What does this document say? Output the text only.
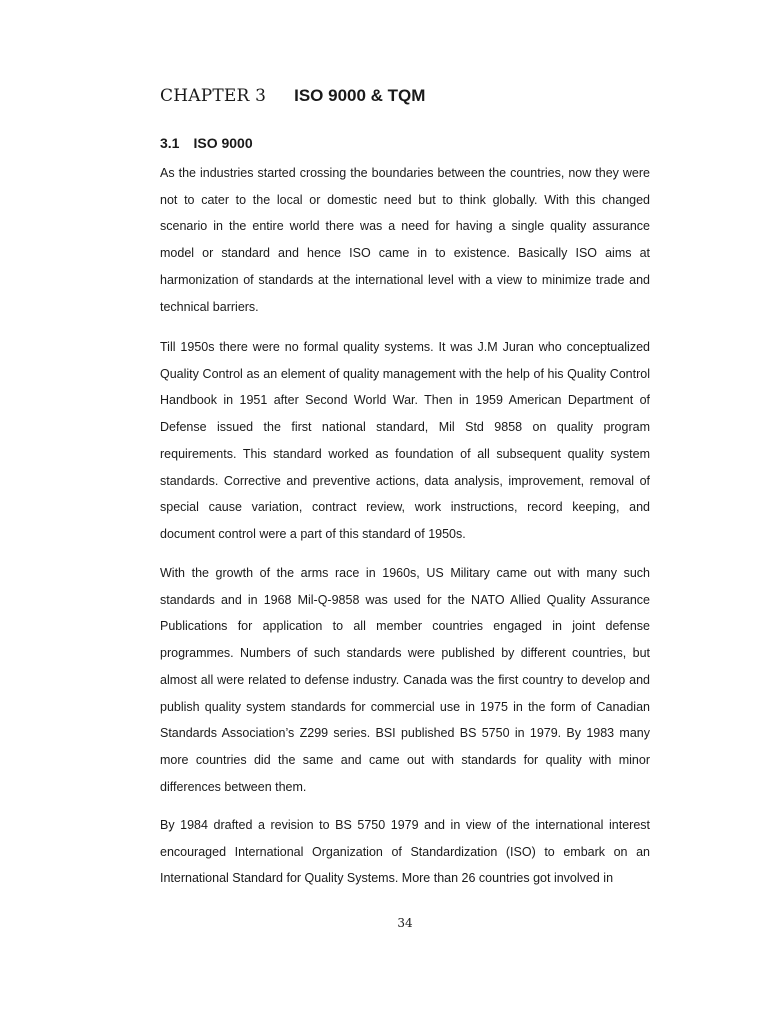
CHAPTER 3 ISO 9000 & TQM
3.1 ISO 9000

As the industries started crossing the boundaries between the countries, now they were not to cater to the local or domestic need but to think globally. With this changed scenario in the entire world there was a need for having a single quality assurance model or standard and hence ISO came in to existence. Basically ISO aims at harmonization of standards at the international level with a view to minimize trade and technical barriers.

Till 1950s there were no formal quality systems. It was J.M Juran who conceptualized Quality Control as an element of quality management with the help of his Quality Control Handbook in 1951 after Second World War. Then in 1959 American Department of Defense issued the first national standard, Mil Std 9858 on quality program requirements. This standard worked as foundation of all subsequent quality system standards. Corrective and preventive actions, data analysis, improvement, removal of special cause variation, contract review, work instructions, record keeping, and document control were a part of this standard of 1950s.

With the growth of the arms race in 1960s, US Military came out with many such standards and in 1968 Mil-Q-9858 was used for the NATO Allied Quality Assurance Publications for application to all member countries engaged in joint defense programmes. Numbers of such standards were published by different countries, but almost all were related to defense industry. Canada was the first country to develop and publish quality system standards for commercial use in 1975 in the form of Canadian Standards Association’s Z299 series. BSI published BS 5750 in 1979. By 1983 many more countries did the same and came out with standards for quality with minor differences between them.

By 1984 drafted a revision to BS 5750 1979 and in view of the international interest encouraged International Organization of Standardization (ISO) to embark on an International Standard for Quality Systems. More than 26 countries got involved in

34
